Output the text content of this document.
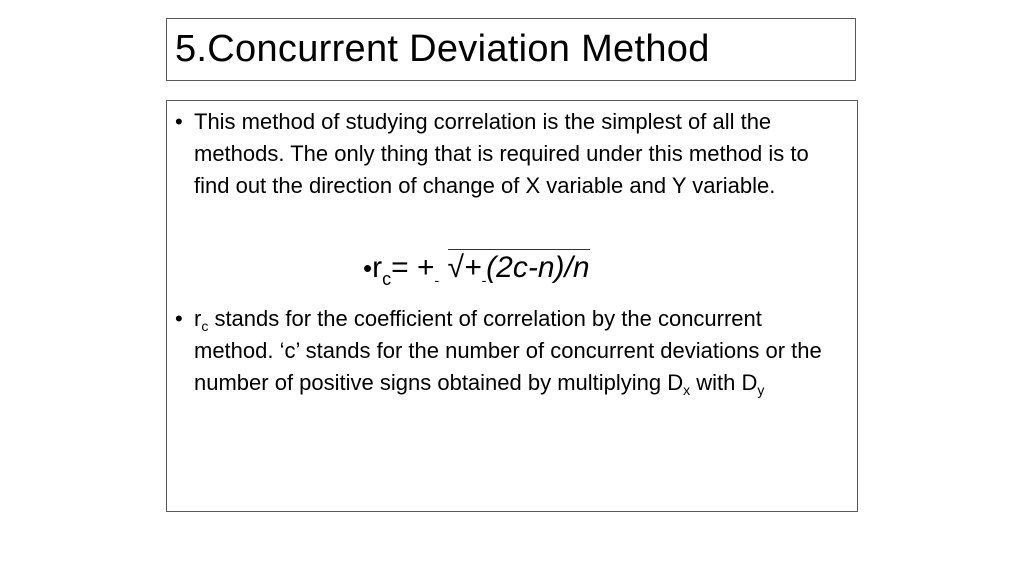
5.Concurrent Deviation Method
• This method of studying correlation is the simplest of all the methods. The only thing that is required under this method is to find out the direction of change of X variable and Y variable.
$•r_c= +_-$ $√+_-(2c-n)/n$
• $r_c$ stands for the coefficient of correlation by the concurrent method. ‘c’ stands for the number of concurrent deviations or the number of positive signs obtained by multiplying $D_x$ with $D_y$
